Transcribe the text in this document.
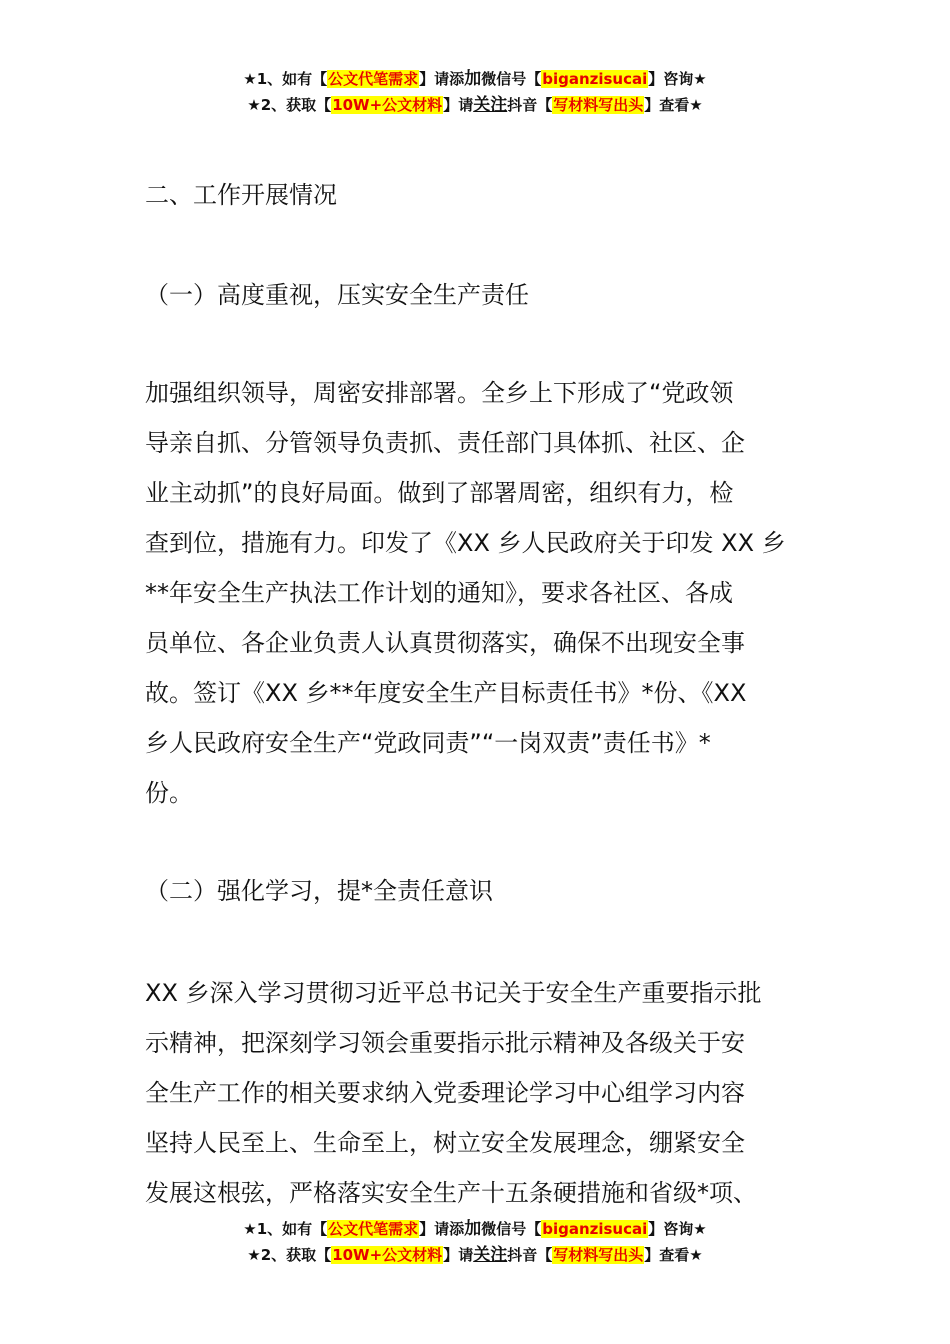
★1、如有【公文代笔需求】请添加微信号【biganzisucai】咨询★
★2、获取【10W+公文材料】请关注抖音【写材料写出头】查看★
二、工作开展情况
（一）高度重视，压实安全生产责任
加强组织领导，周密安排部署。全乡上下形成了“党政领
导亲自抓、分管领导负责抓、责任部门具体抓、社区、企
业主动抓”的良好局面。做到了部署周密，组织有力，检
查到位，措施有力。印发了《XX 乡人民政府关于印发 XX 乡
**年安全生产执法工作计划的通知》，要求各社区、各成
员单位、各企业负责人认真贯彻落实，确保不出现安全事
故。签订《XX 乡**年度安全生产目标责任书》*份、《XX
乡人民政府安全生产“党政同责”“一岗双责”责任书》*
份。
（二）强化学习，提*全责任意识
XX 乡深入学习贯彻习近平总书记关于安全生产重要指示批
示精神，把深刻学习领会重要指示批示精神及各级关于安
全生产工作的相关要求纳入党委理论学习中心组学习内容
坚持人民至上、生命至上，树立安全发展理念，绷紧安全
发展这根弦，严格落实安全生产十五条硬措施和省级*项、
★1、如有【公文代笔需求】请添加微信号【biganzisucai】咨询★
★2、获取【10W+公文材料】请关注抖音【写材料写出头】查看★
